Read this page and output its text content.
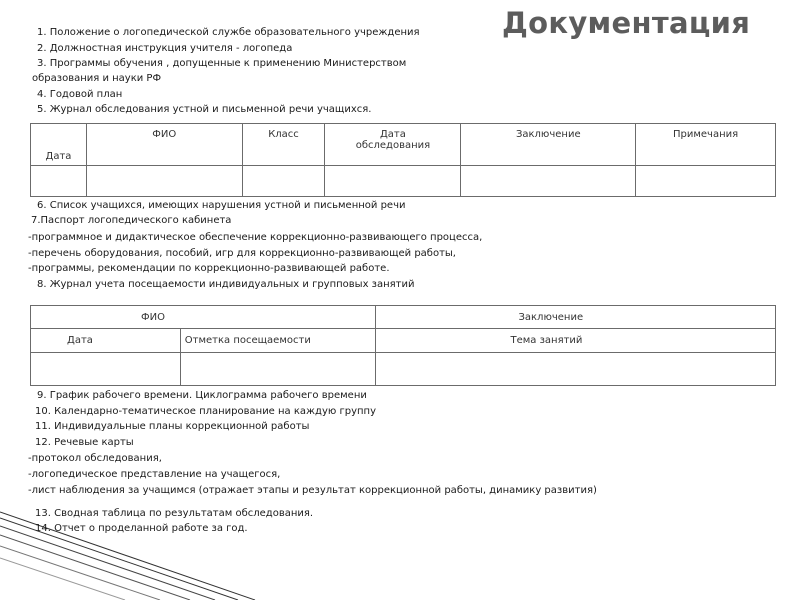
Документация
1. Положение о логопедической службе образовательного учреждения
2. Должностная инструкция учителя - логопеда
3. Программы обучения , допущенные к применению Министерством
образования и науки РФ
4. Годовой план
5. Журнал обследования устной и письменной речи учащихся.
Дата	ФИО	Класс	Дата обследования	Заключение	Примечания

6. Список учащихся, имеющих нарушения устной и письменной речи
7.Паспорт логопедического кабинета
-программное и дидактическое обеспечение коррекционно-развивающего процесса,
-перечень оборудования, пособий, игр для коррекционно-развивающей работы,
-программы, рекомендации по коррекционно-развивающей работе.
8. Журнал учета посещаемости индивидуальных и групповых занятий
ФИО		Заключение
Дата	Отметка посещаемости	Тема занятий

9. График рабочего времени. Циклограмма рабочего времени
10. Календарно-тематическое планирование на каждую группу
11. Индивидуальные планы коррекционной работы
12. Речевые карты
-протокол обследования,
-логопедическое представление на учащегося,
-лист наблюдения за учащимся (отражает этапы и результат коррекционной работы, динамику развития)
13. Сводная таблица по результатам обследования.
14. Отчет о проделанной работе за год.
